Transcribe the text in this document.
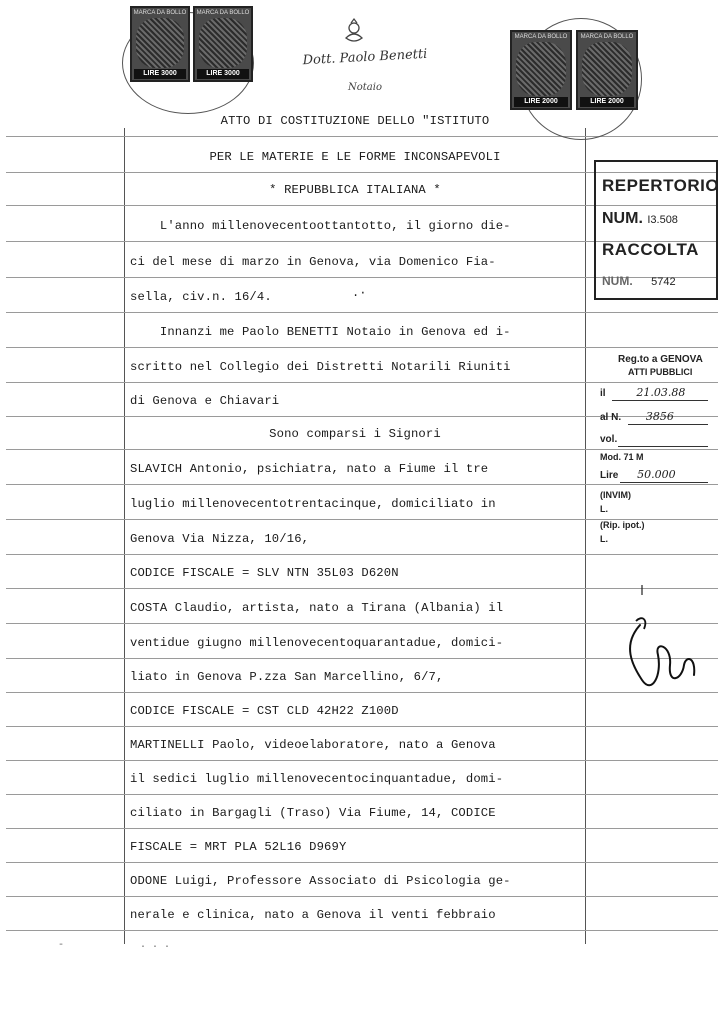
MARCA DA BOLLO
LIRE 3000
MARCA DA BOLLO
LIRE 3000
MARCA DA BOLLO
LIRE 2000
MARCA DA BOLLO
LIRE 2000
Dott. Paolo Benetti
Notaio
ATTO DI COSTITUZIONE DELLO "ISTITUTO
PER LE MATERIE E LE FORME INCONSAPEVOLI
* REPUBBLICA ITALIANA *
L'anno millenovecentoottantotto, il giorno die-
ci del mese di marzo in Genova, via Domenico Fia-
sella, civ.n. 16/4.	.·
Innanzi me Paolo BENETTI Notaio in Genova ed i-
scritto nel Collegio dei Distretti Notarili Riuniti
di Genova e Chiavari
Sono comparsi i Signori
SLAVICH Antonio, psichiatra, nato a Fiume il tre
luglio millenovecentotrentacinque, domiciliato in
Genova Via Nizza, 10/16,
CODICE FISCALE = SLV NTN 35L03 D620N
COSTA Claudio, artista, nato a Tirana (Albania) il
ventidue giugno millenovecentoquarantadue, domici-
liato in Genova P.zza San Marcellino, 6/7,
CODICE FISCALE = CST CLD 42H22 Z100D
MARTINELLI Paolo, videoelaboratore, nato a Genova
il sedici luglio millenovecentocinquantadue, domi-
ciliato in Bargagli (Traso) Via Fiume, 14, CODICE
FISCALE = MRT PLA 52L16 D969Y
ODONE Luigi, Professore Associato di Psicologia ge-
nerale e clinica, nato a Genova il venti febbraio
REPERTORIO
NUM. I3.508
RACCOLTA
NUM. 5742
Reg.to a GENOVA
ATTI PUBBLICI
il	21.03.88
al N. 3856
vol.
Mod. 71 M
Lire 50.000
(INVIM)
L.
(Rip. ipot.)
L.
-	. . .
